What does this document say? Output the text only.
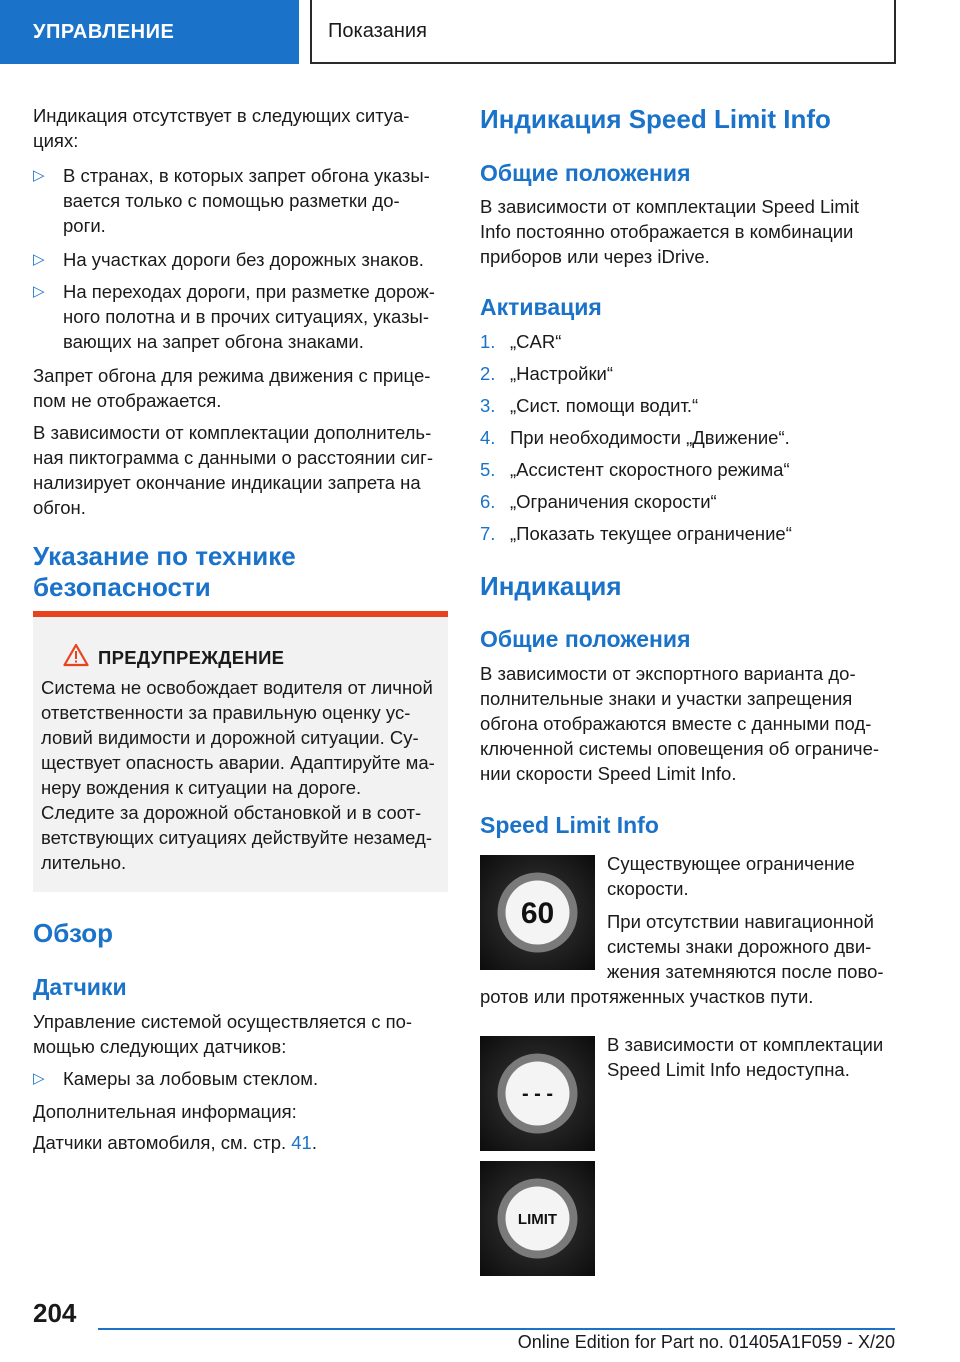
УПРАВЛЕНИЕ	Показания

Индикация отсутствует в следующих ситуа-
циях:

▷ В странах, в которых запрет обгона указы-
вается только с помощью разметки до-
роги.
▷ На участках дороги без дорожных знаков.
▷ На переходах дороги, при разметке дорож-
ного полотна и в прочих ситуациях, указы-
вающих на запрет обгона знаками.

Запрет обгона для режима движения с прице-
пом не отображается.

В зависимости от комплектации дополнитель-
ная пиктограмма с данными о расстоянии сиг-
нализирует окончание индикации запрета на
обгон.

Указание по технике
безопасности
ПРЕДУПРЕЖДЕНИЕ
Система не освобождает водителя от личной
ответственности за правильную оценку ус-
ловий видимости и дорожной ситуации. Су-
ществует опасность аварии. Адаптируйте ма-
неру вождения к ситуации на дороге.
Следите за дорожной обстановкой и в соот-
ветствующих ситуациях действуйте незамед-
лительно.
Обзор
Датчики

Управление системой осуществляется с по-
мощью следующих датчиков:

▷ Камеры за лобовым стеклом.

Дополнительная информация:

Датчики автомобиля, см. стр. 41.

Индикация Speed Limit Info
Общие положения

В зависимости от комплектации Speed Limit
Info постоянно отображается в комбинации
приборов или через iDrive.

Активация
1. „CAR“
2. „Настройки“
3. „Сист. помощи водит.“
4. При необходимости „Движение“.
5. „Ассистент скоростного режима“
6. „Ограничения скорости“
7. „Показать текущее ограничение“
Индикация
Общие положения

В зависимости от экспортного варианта до-
полнительные знаки и участки запрещения
обгона отображаются вместе с данными под-
ключенной системы оповещения об ограниче-
нии скорости Speed Limit Info.

Speed Limit Info
60

Существующее ограничение
скорости.

При отсутствии навигационной
системы знаки дорожного дви-
жения затемняются после пово-

ротов или протяженных участков пути.

- - -

В зависимости от комплектации
Speed Limit Info недоступна.

LIMIT
204
Online Edition for Part no. 01405A1F059 - X/20
